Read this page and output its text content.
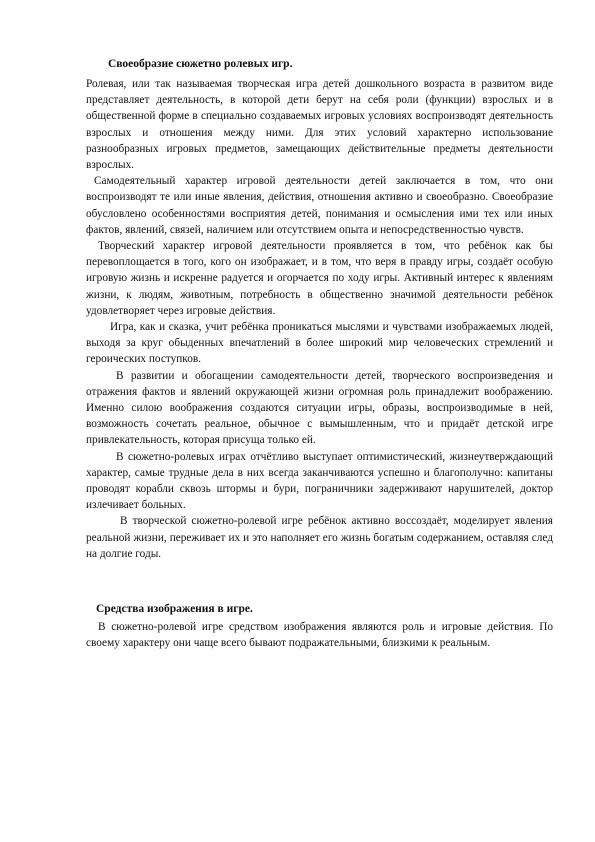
Своеобразие сюжетно ролевых игр.

Ролевая, или так называемая творческая игра детей дошкольного возраста в развитом виде представляет деятельность, в которой дети берут на себя роли (функции) взрослых и в общественной форме в специально создаваемых игровых условиях воспроизводят деятельность взрослых и отношения между ними. Для этих условий характерно использование разнообразных игровых предметов, замещающих действительные предметы деятельности взрослых.

Самодеятельный характер игровой деятельности детей заключается в том, что они воспроизводят те или иные явления, действия, отношения активно и своеобразно. Своеобразие обусловлено особенностями восприятия детей, понимания и осмысления ими тех или иных фактов, явлений, связей, наличием или отсутствием опыта и непосредственностью чувств.

Творческий характер игровой деятельности проявляется в том, что ребёнок как бы перевоплощается в того, кого он изображает, и в том, что веря в правду игры, создаёт особую игровую жизнь и искренне радуется и огорчается по ходу игры. Активный интерес к явлениям жизни, к людям, животным, потребность в общественно значимой деятельности ребёнок удовлетворяет через игровые действия.

Игра, как и сказка, учит ребёнка проникаться мыслями и чувствами изображаемых людей, выходя за круг обыденных впечатлений в более широкий мир человеческих стремлений и героических поступков.

В развитии и обогащении самодеятельности детей, творческого воспроизведения и отражения фактов и явлений окружающей жизни огромная роль принадлежит воображению. Именно силою воображения создаются ситуации игры, образы, воспроизводимые в ней, возможность сочетать реальное, обычное с вымышленным, что и придаёт детской игре привлекательность, которая присуща только ей.

В сюжетно-ролевых играх отчётливо выступает оптимистический, жизнеутверждающий характер, самые трудные дела в них всегда заканчиваются успешно и благополучно: капитаны проводят корабли сквозь штормы и бури, пограничники задерживают нарушителей, доктор излечивает больных.

В творческой сюжетно-ролевой игре ребёнок активно воссоздаёт, моделирует явления реальной жизни, переживает их и это наполняет его жизнь богатым содержанием, оставляя след на долгие годы.

Средства изображения в игре.

В сюжетно-ролевой игре средством изображения являются роль и игровые действия. По своему характеру они чаще всего бывают подражательными, близкими к реальным.
